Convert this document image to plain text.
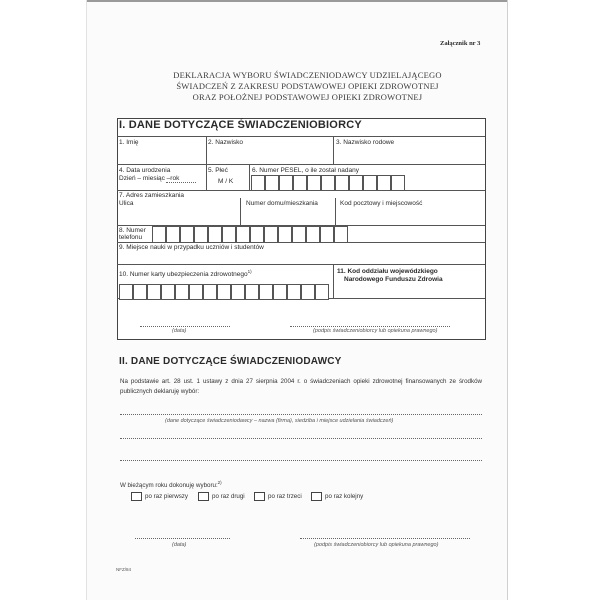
Załącznik nr 3
DEKLARACJA WYBORU ŚWIADCZENIODAWCY UDZIELAJĄCEGO
ŚWIADCZEŃ Z ZAKRESU PODSTAWOWEJ OPIEKI ZDROWOTNEJ
ORAZ POŁOŻNEJ PODSTAWOWEJ OPIEKI ZDROWOTNEJ
I. DANE DOTYCZĄCE ŚWIADCZENIOBIORCY
1. Imię	2. Nazwisko	3. Nazwisko rodowe
4. Data urodzenia
Dzień – miesiąc –rok
5. Płeć
M / K
6. Numer PESEL, o ile został nadany
7. Adres zamieszkania
Ulica	Numer domu/mieszkania	Kod pocztowy i miejscowość
8. Numer
telefonu
9. Miejsce nauki w przypadku uczniów i studentów
10. Numer karty ubezpieczenia zdrowotnego$^{1)}$	11. Kod oddziału wojewódzkiego
Narodowego Funduszu Zdrowia
(data)	(podpis świadczeniobiorcy lub opiekuna prawnego)
II. DANE DOTYCZĄCE ŚWIADCZENIODAWCY
Na podstawie art. 28 ust. 1 ustawy z dnia 27 sierpnia 2004 r. o świadczeniach opieki zdrowotnej finansowanych ze środków publicznych deklaruję wybór:
(dane dotyczące świadczeniodawcy – nazwa (firma), siedziba i miejsce udzielania świadczeń)
W bieżącym roku dokonuję wyboru:$^{2)}$
po raz pierwszy	po raz drugi	po raz trzeci	po raz kolejny
(data)	(podpis świadczeniobiorcy lub opiekuna prawnego)
NFZ/84
